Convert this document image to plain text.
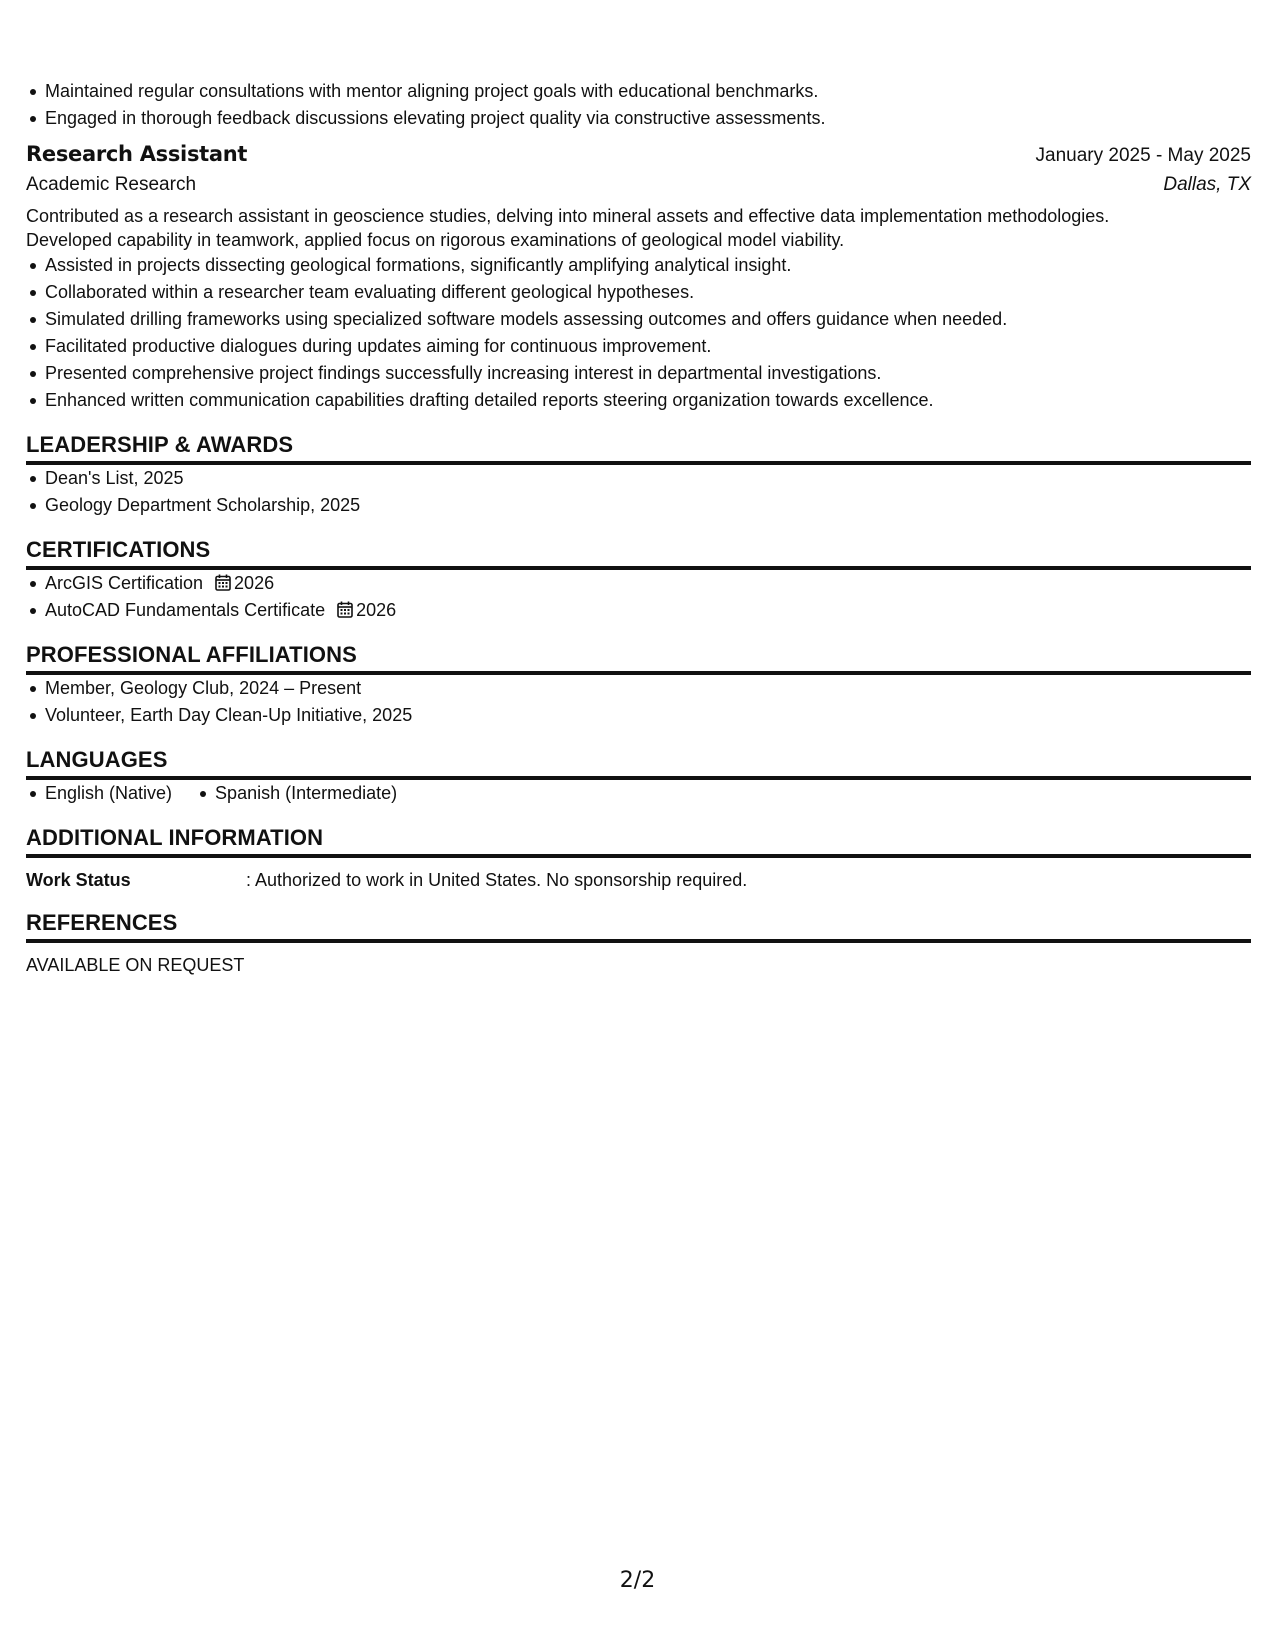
Maintained regular consultations with mentor aligning project goals with educational benchmarks.
Engaged in thorough feedback discussions elevating project quality via constructive assessments.
Research Assistant	January 2025 - May 2025
Academic Research	Dallas, TX
Contributed as a research assistant in geoscience studies, delving into mineral assets and effective data implementation methodologies.
Developed capability in teamwork, applied focus on rigorous examinations of geological model viability.
Assisted in projects dissecting geological formations, significantly amplifying analytical insight.
Collaborated within a researcher team evaluating different geological hypotheses.
Simulated drilling frameworks using specialized software models assessing outcomes and offers guidance when needed.
Facilitated productive dialogues during updates aiming for continuous improvement.
Presented comprehensive project findings successfully increasing interest in departmental investigations.
Enhanced written communication capabilities drafting detailed reports steering organization towards excellence.
LEADERSHIP & AWARDS
Dean's List, 2025
Geology Department Scholarship, 2025
CERTIFICATIONS
ArcGIS Certification 2026
AutoCAD Fundamentals Certificate 2026
PROFESSIONAL AFFILIATIONS
Member, Geology Club, 2024 – Present
Volunteer, Earth Day Clean-Up Initiative, 2025
LANGUAGES
English (Native)	Spanish (Intermediate)
ADDITIONAL INFORMATION
Work Status	: Authorized to work in United States. No sponsorship required.
REFERENCES
AVAILABLE ON REQUEST
2/2
